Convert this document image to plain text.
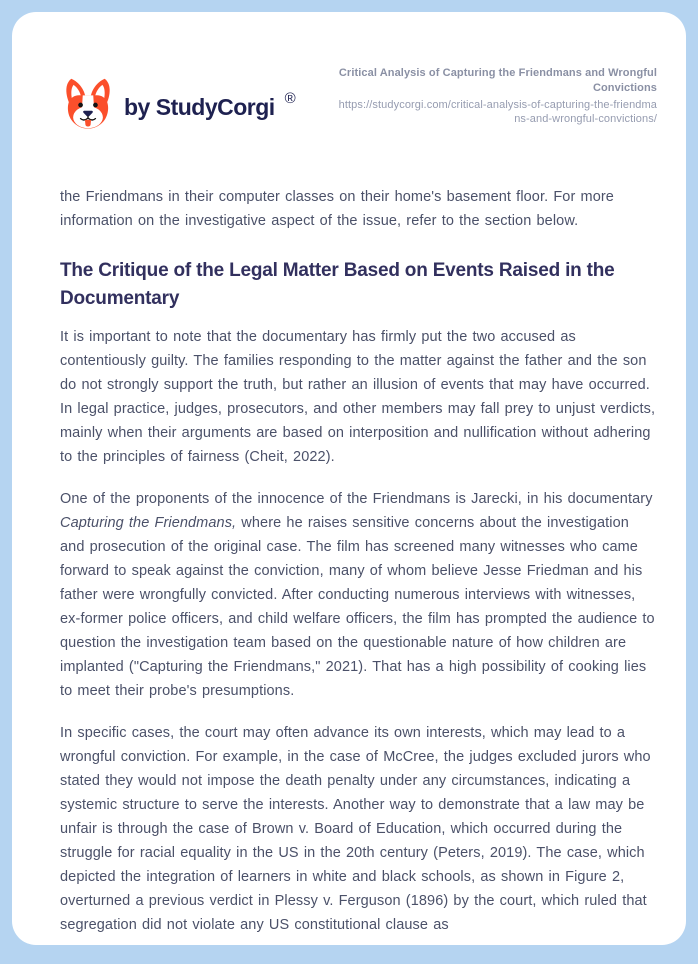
by StudyCorgi ®
Critical Analysis of Capturing the Friendmans and Wrongful Convictions
https://studycorgi.com/critical-analysis-of-capturing-the-friendmans-and-wrongful-convictions/

the Friendmans in their computer classes on their home's basement floor. For more information on the investigative aspect of the issue, refer to the section below.

The Critique of the Legal Matter Based on Events Raised in the Documentary

It is important to note that the documentary has firmly put the two accused as contentiously guilty. The families responding to the matter against the father and the son do not strongly support the truth, but rather an illusion of events that may have occurred. In legal practice, judges, prosecutors, and other members may fall prey to unjust verdicts, mainly when their arguments are based on interposition and nullification without adhering to the principles of fairness (Cheit, 2022).

One of the proponents of the innocence of the Friendmans is Jarecki, in his documentary Capturing the Friendmans, where he raises sensitive concerns about the investigation and prosecution of the original case. The film has screened many witnesses who came forward to speak against the conviction, many of whom believe Jesse Friedman and his father were wrongfully convicted. After conducting numerous interviews with witnesses, ex-former police officers, and child welfare officers, the film has prompted the audience to question the investigation team based on the questionable nature of how children are implanted ("Capturing the Friendmans," 2021). That has a high possibility of cooking lies to meet their probe's presumptions.

In specific cases, the court may often advance its own interests, which may lead to a wrongful conviction. For example, in the case of McCree, the judges excluded jurors who stated they would not impose the death penalty under any circumstances, indicating a systemic structure to serve the interests. Another way to demonstrate that a law may be unfair is through the case of Brown v. Board of Education, which occurred during the struggle for racial equality in the US in the 20th century (Peters, 2019). The case, which depicted the integration of learners in white and black schools, as shown in Figure 2, overturned a previous verdict in Plessy v. Ferguson (1896) by the court, which ruled that segregation did not violate any US constitutional clause as
